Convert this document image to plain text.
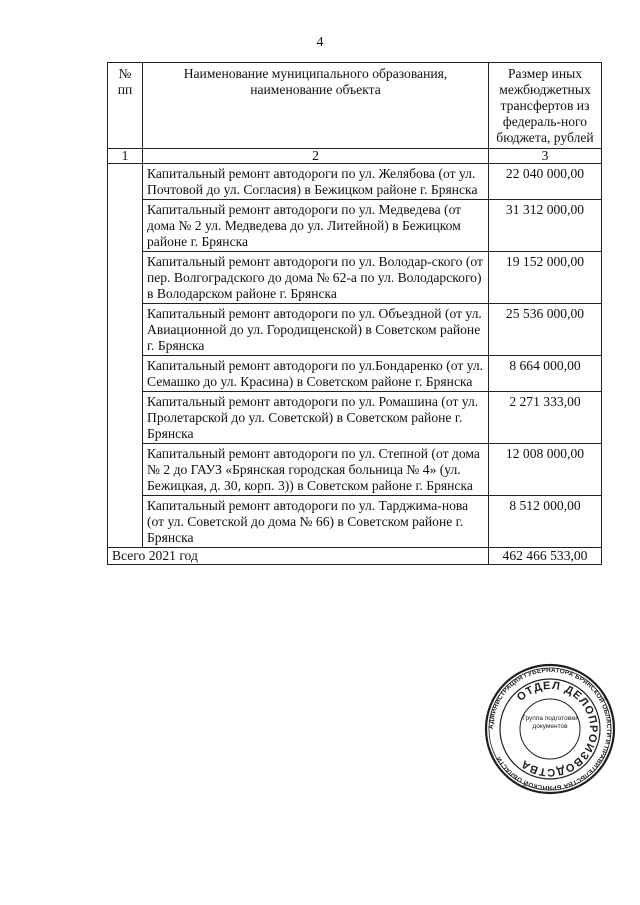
4
№ пп	Наименование муниципального образования, наименование объекта	Размер иных межбюджетных трансфертов из федераль-ного бюджета, рублей
1	2	3
	Капитальный ремонт автодороги по ул. Желябова (от ул. Почтовой до ул. Согласия) в Бежицком районе г. Брянска	22 040 000,00
	Капитальный ремонт автодороги по ул. Медведева (от дома № 2 ул. Медведева до ул. Литейной) в Бежицком районе г. Брянска	31 312 000,00
	Капитальный ремонт автодороги по ул. Володар-ского (от пер. Волгоградского до дома № 62-а по ул. Володарского) в Володарском районе г. Брянска	19 152 000,00
	Капитальный ремонт автодороги по ул. Объездной (от ул. Авиационной до ул. Городищенской) в Советском районе г. Брянска	25 536 000,00
	Капитальный ремонт автодороги по ул.Бондаренко (от ул. Семашко до ул. Красина) в Советском районе г. Брянска	8 664 000,00
	Капитальный ремонт автодороги по ул. Ромашина (от ул. Пролетарской до ул. Советской) в Советском районе г. Брянска	2 271 333,00
	Капитальный ремонт автодороги по ул. Степной (от дома № 2 до ГАУЗ «Брянская городская больница № 4» (ул. Бежицкая, д. 30, корп. 3)) в Советском районе г. Брянска	12 008 000,00
	Капитальный ремонт автодороги по ул. Тарджима-нова (от ул. Советской до дома № 66) в Советском районе г. Брянска	8 512 000,00
Всего 2021 год		462 466 533,00
АДМИНИСТРАЦИЯ ГУБЕРНАТОРА БРЯНСКОЙ ОБЛАСТИ И ПРАВИТЕЛЬСТВА БРЯНСКОЙ ОБЛАСТИ
ОТДЕЛ ДЕЛОПРОИЗВОДСТВА
Группа подготовки документов
